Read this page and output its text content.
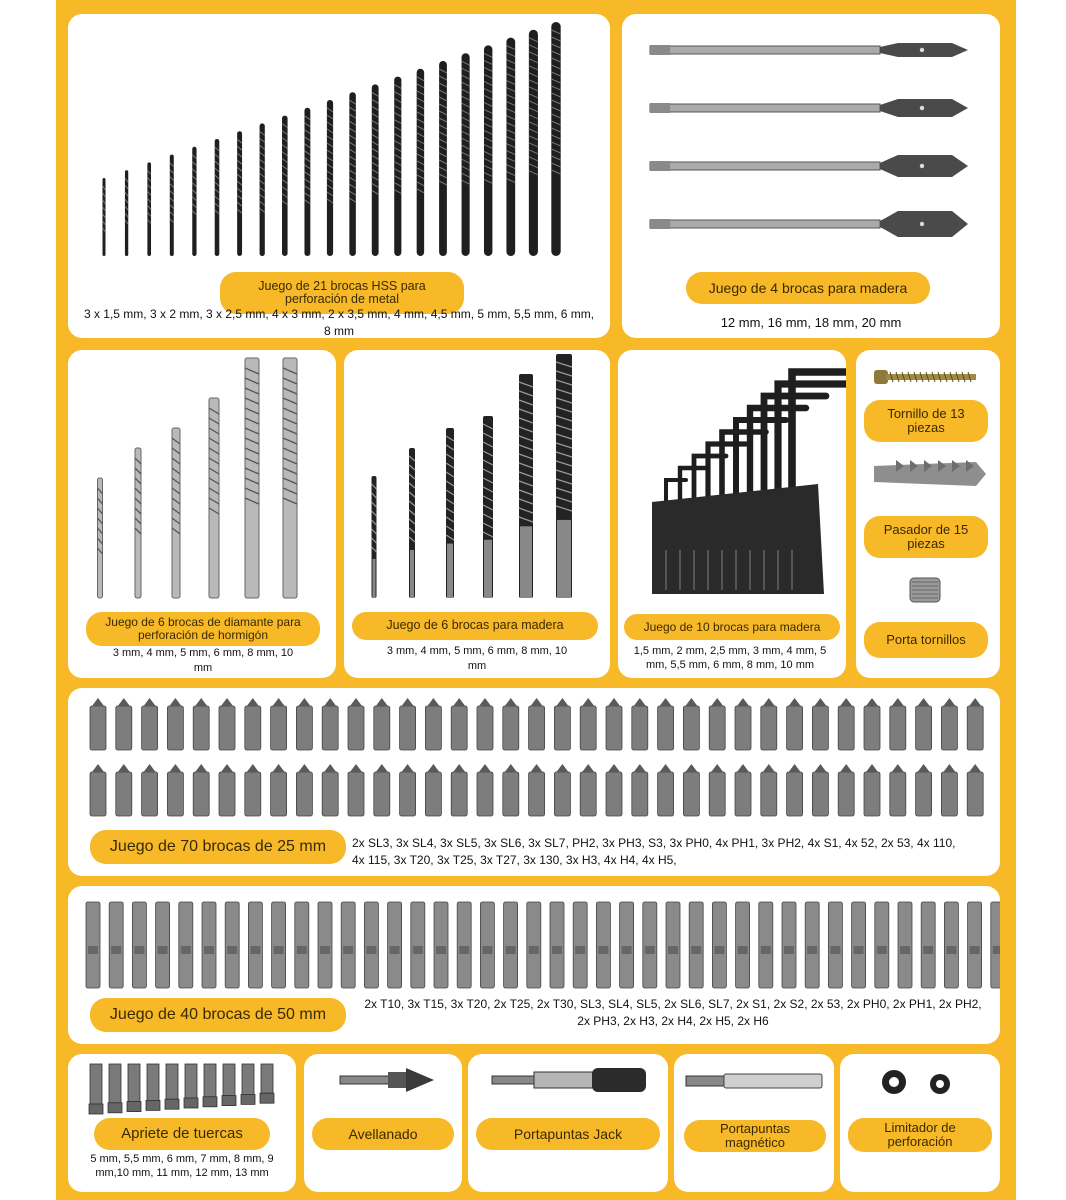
Juego de 21 brocas HSS para perforación de metal
3 x 1,5 mm, 3 x 2 mm, 3 x 2,5 mm, 4 x 3 mm, 2 x 3,5 mm, 4 mm, 4,5 mm, 5 mm, 5,5 mm, 6 mm, 8 mm
Juego de 4 brocas para madera
12 mm, 16 mm, 18 mm, 20 mm
Juego de 6 brocas de diamante para perforación de hormigón
3 mm, 4 mm, 5 mm, 6 mm, 8 mm, 10 mm
Juego de 6 brocas para madera
3 mm, 4 mm, 5 mm, 6 mm, 8 mm, 10 mm
Juego de 10 brocas para madera
1,5 mm, 2 mm, 2,5 mm, 3 mm, 4 mm, 5 mm, 5,5 mm, 6 mm, 8 mm, 10 mm
Tornillo de 13 piezas
Pasador de 15 piezas
Porta tornillos
Juego de 70 brocas de 25 mm	2x SL3, 3x SL4, 3x SL5, 3x SL6, 3x SL7, PH2, 3x PH3, S3, 3x PH0, 4x PH1, 3x PH2, 4x S1, 4x 52, 2x 53, 4x 110, 4x 115, 3x T20, 3x T25, 3x T27, 3x 130, 3x H3, 4x H4, 4x H5,
Juego de 40 brocas de 50 mm
2x T10, 3x T15, 3x T20, 2x T25, 2x T30, SL3, SL4, SL5, 2x SL6, SL7, 2x S1, 2x S2, 2x 53, 2x PH0, 2x PH1, 2x PH2, 2x PH3, 2x H3, 2x H4, 2x H5, 2x H6
Apriete de tuercas
5 mm, 5,5 mm, 6 mm, 7 mm, 8 mm, 9 mm,10 mm, 11 mm, 12 mm, 13 mm
Avellanado	Portapuntas Jack	Portapuntas magnético
Limitador de perforación
